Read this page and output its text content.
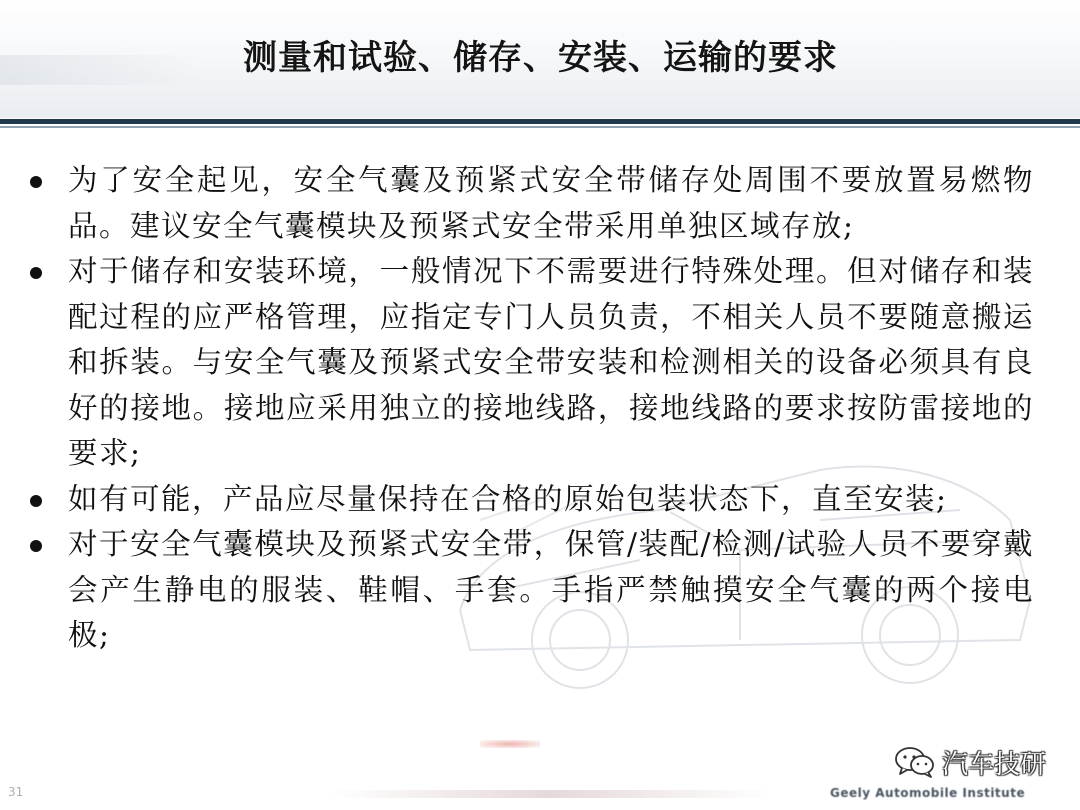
测量和试验、储存、安装、运输的要求
为了安全起见，安全气囊及预紧式安全带储存处周围不要放置易燃物品。建议安全气囊模块及预紧式安全带采用单独区域存放;
对于储存和安装环境，一般情况下不需要进行特殊处理。但对储存和装配过程的应严格管理，应指定专门人员负责，不相关人员不要随意搬运和拆装。与安全气囊及预紧式安全带安装和检测相关的设备必须具有良好的接地。接地应采用独立的接地线路，接地线路的要求按防雷接地的要求;
如有可能，产品应尽量保持在合格的原始包装状态下，直至安装;
对于安全气囊模块及预紧式安全带，保管/装配/检测/试验人员不要穿戴会产生静电的服装、鞋帽、手套。手指严禁触摸安全气囊的两个接电极;
31	Geely Automobile Institute
汽车技研
